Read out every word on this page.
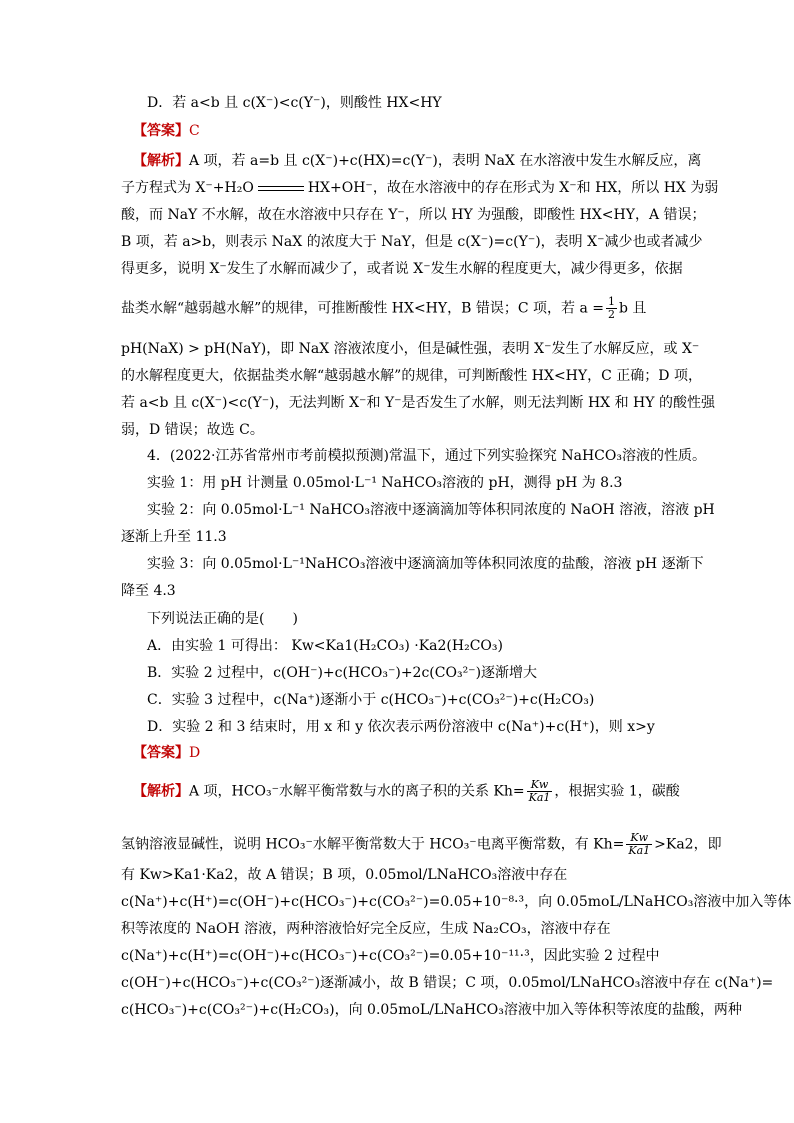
D．若 a<b 且 c(X⁻)<c(Y⁻)，则酸性 HX<HY
【答案】C
【解析】A 项，若 a=b 且 c(X⁻)+c(HX)=c(Y⁻)，表明 NaX 在水溶液中发生水解反应，离
子方程式为 X⁻+H₂O	HX+OH⁻，故在水溶液中的存在形式为 X⁻和 HX，所以 HX 为弱
酸，而 NaY 不水解，故在水溶液中只存在 Y⁻，所以 HY 为强酸，即酸性 HX<HY，A 错误；
B 项，若 a>b，则表示 NaX 的浓度大于 NaY，但是 c(X⁻)=c(Y⁻)，表明 X⁻减少也或者减少
得更多，说明 X⁻发生了水解而减少了，或者说 X⁻发生水解的程度更大，减少得更多，依据
盐类水解“越弱越水解”的规律，可推断酸性 HX<HY，B 错误；C 项，若 $a = \frac{1}{2}$ b 且
pH(NaX) > pH(NaY)，即 NaX 溶液浓度小，但是碱性强，表明 X⁻发生了水解反应，或 X⁻
的水解程度更大，依据盐类水解“越弱越水解”的规律，可判断酸性 HX<HY，C 正确；D 项，
若 a<b 且 c(X⁻)<c(Y⁻)，无法判断 X⁻和 Y⁻是否发生了水解，则无法判断 HX 和 HY 的酸性强
弱，D 错误；故选 C。
4．(2022·江苏省常州市考前模拟预测)常温下，通过下列实验探究 NaHCO₃溶液的性质。
实验 1：用 pH 计测量 0.05mol·L⁻¹ NaHCO₃溶液的 pH，测得 pH 为 8.3
实验 2：向 0.05mol·L⁻¹ NaHCO₃溶液中逐滴滴加等体积同浓度的 NaOH 溶液，溶液 pH
逐渐上升至 11.3
实验 3：向 0.05mol·L⁻¹NaHCO₃溶液中逐滴滴加等体积同浓度的盐酸，溶液 pH 逐渐下
降至 4.3
下列说法正确的是(　　)
A．由实验 1 可得出： Kw<Ka1(H₂CO₃) ·Ka2(H₂CO₃)
B．实验 2 过程中，c(OH⁻)+c(HCO₃⁻)+2c(CO₃²⁻)逐渐增大
C．实验 3 过程中，c(Na⁺)逐渐小于 c(HCO₃⁻)+c(CO₃²⁻)+c(H₂CO₃)
D．实验 2 和 3 结束时，用 x 和 y 依次表示两份溶液中 c(Na⁺)+c(H⁺)，则 x>y
【答案】D
【解析】A 项，HCO₃⁻水解平衡常数与水的离子积的关系 $Kh= \frac{Kw}{Ka1}$ ，根据实验 1，碳酸
氢钠溶液显碱性，说明 HCO₃⁻水解平衡常数大于 HCO₃⁻电离平衡常数，有 $Kh= \frac{Kw}{Ka1} >Ka2$，即
有 Kw>Ka1·Ka2，故 A 错误；B 项，0.05mol/LNaHCO₃溶液中存在
c(Na⁺)+c(H⁺)=c(OH⁻)+c(HCO₃⁻)+c(CO₃²⁻)=0.05+10⁻⁸·³，向 0.05moL/LNaHCO₃溶液中加入等体
积等浓度的 NaOH 溶液，两种溶液恰好完全反应，生成 Na₂CO₃，溶液中存在
c(Na⁺)+c(H⁺)=c(OH⁻)+c(HCO₃⁻)+c(CO₃²⁻)=0.05+10⁻¹¹·³，因此实验 2 过程中
c(OH⁻)+c(HCO₃⁻)+c(CO₃²⁻)逐渐减小，故 B 错误；C 项，0.05mol/LNaHCO₃溶液中存在 c(Na⁺)=
c(HCO₃⁻)+c(CO₃²⁻)+c(H₂CO₃)，向 0.05moL/LNaHCO₃溶液中加入等体积等浓度的盐酸，两种
